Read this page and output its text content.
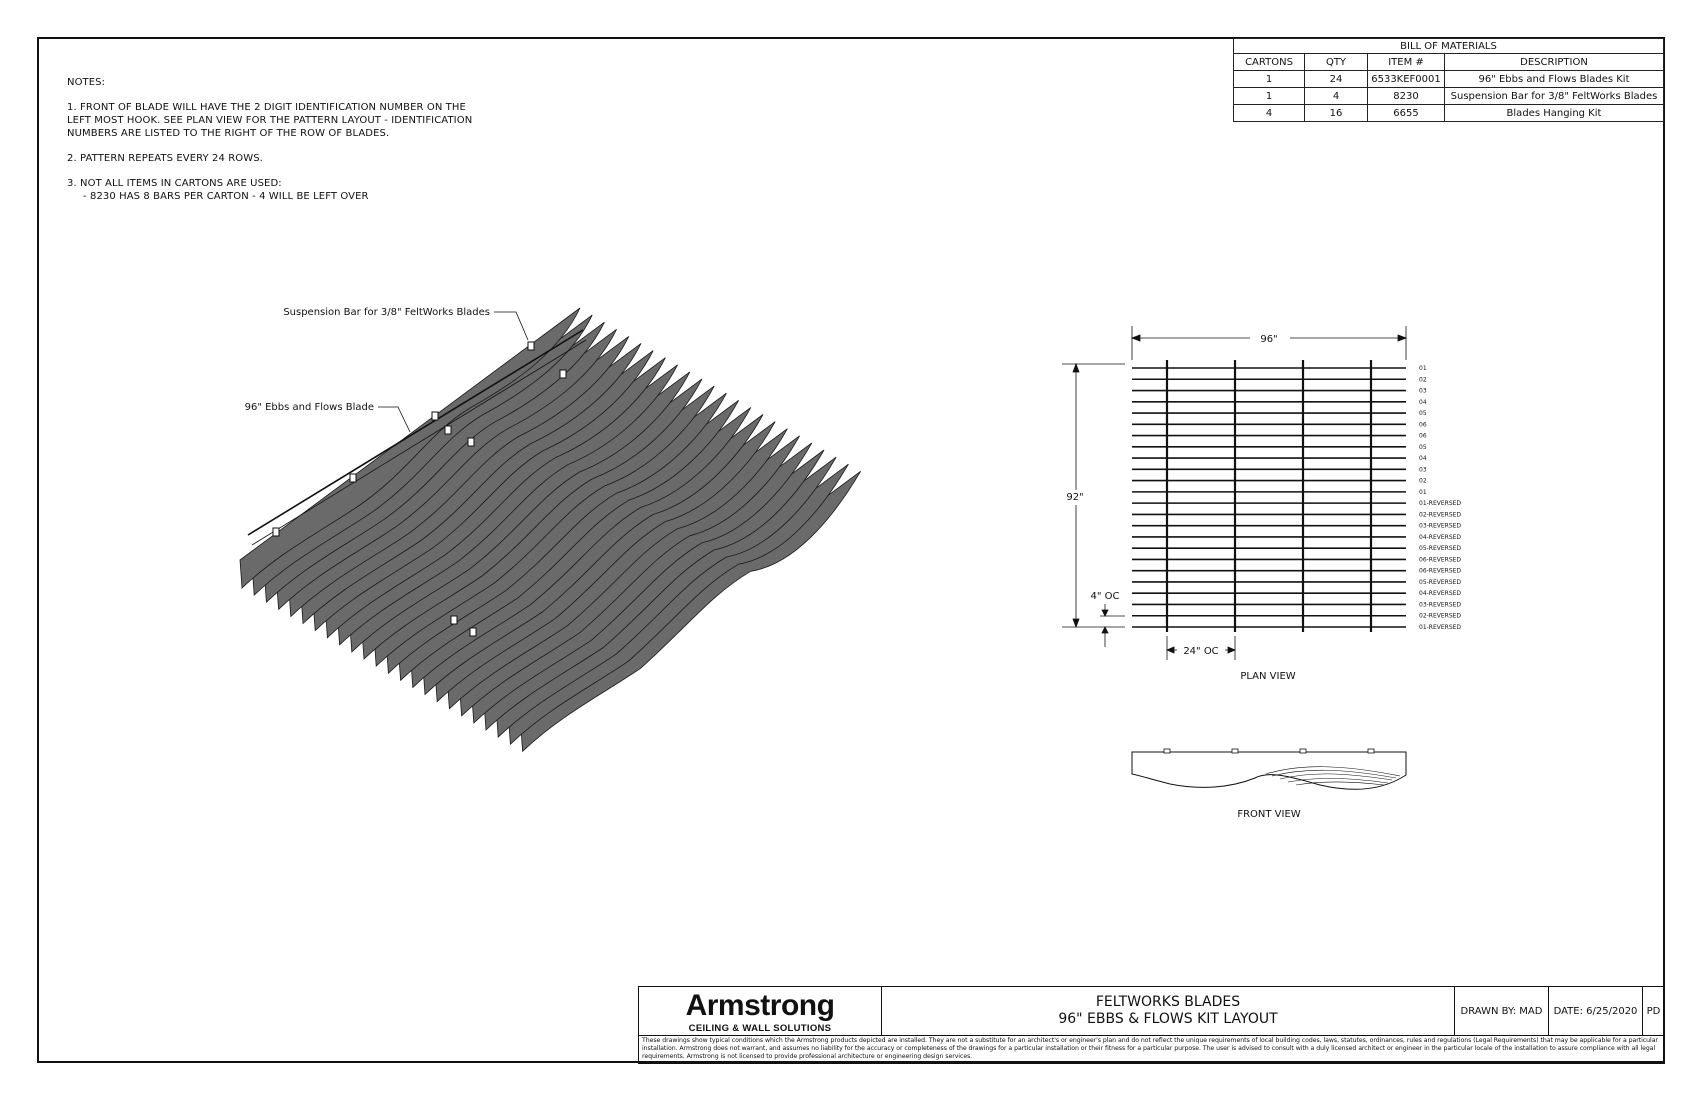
NOTES:

1. FRONT OF BLADE WILL HAVE THE 2 DIGIT IDENTIFICATION NUMBER ON THE
LEFT MOST HOOK. SEE PLAN VIEW FOR THE PATTERN LAYOUT - IDENTIFICATION
NUMBERS ARE LISTED TO THE RIGHT OF THE ROW OF BLADES.

2. PATTERN REPEATS EVERY 24 ROWS.

3. NOT ALL ITEMS IN CARTONS ARE USED:

- 8230 HAS 8 BARS PER CARTON - 4 WILL BE LEFT OVER

BILL OF MATERIALS			
CARTONS	QTY	ITEM #	DESCRIPTION
1	24	6533KEF0001	96" Ebbs and Flows Blades Kit
1	4	8230	Suspension Bar for 3/8" FeltWorks Blades
4	16	6655	Blades Hanging Kit
Suspension Bar for 3/8" FeltWorks Blades
96" Ebbs and Flows Blade
01
02
03
04
05
06
06
05
04
03
02
01
01-REVERSED
02-REVERSED
03-REVERSED
04-REVERSED
05-REVERSED
06-REVERSED
06-REVERSED
05-REVERSED
04-REVERSED
03-REVERSED
02-REVERSED
01-REVERSED
96"
92"
4" OC
24" OC
PLAN VIEW
FRONT VIEW
Armstrong
CEILING & WALL SOLUTIONS
FELTWORKS BLADES
96" EBBS & FLOWS KIT LAYOUT	DRAWN BY: MAD	DATE: 6/25/2020 PD
These drawings show typical conditions which the Armstrong products depicted are installed. They are not a substitute for an architect's or engineer's plan and do not reflect the unique requirements of local building codes, laws, statutes, ordinances, rules and regulations (Legal Requirements) that may be applicable for a particular installation. Armstrong does not warrant, and assumes no liability for the accuracy or completeness of the drawings for a particular installation or their fitness for a particular purpose. The user is advised to consult with a duly licensed architect or engineer in the particular locale of the installation to assure compliance with all legal requirements. Armstrong is not licensed to provide professional architecture or engineering design services.
